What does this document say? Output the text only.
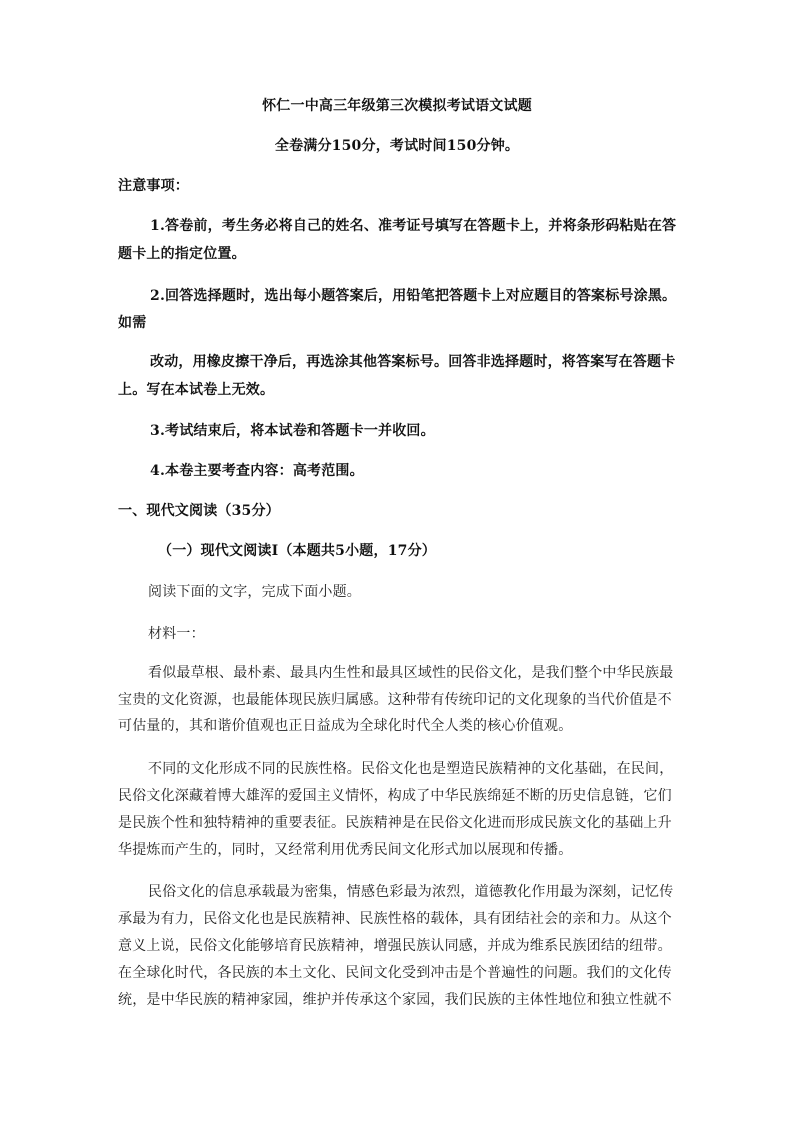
怀仁一中高三年级第三次模拟考试语文试题
全卷满分150分，考试时间150分钟。
注意事项：
1.答卷前，考生务必将自己的姓名、准考证号填写在答题卡上，并将条形码粘贴在答
题卡上的指定位置。
2.回答选择题时，选出每小题答案后，用铅笔把答题卡上对应题目的答案标号涂黑。
如需
改动，用橡皮擦干净后，再选涂其他答案标号。回答非选择题时，将答案写在答题卡
上。写在本试卷上无效。
3.考试结束后，将本试卷和答题卡一并收回。
4.本卷主要考查内容：高考范围。
一、现代文阅读（35分）
（一）现代文阅读Ⅰ（本题共5小题，17分）
阅读下面的文字，完成下面小题。
材料一：
看似最草根、最朴素、最具内生性和最具区域性的民俗文化，是我们整个中华民族最
宝贵的文化资源，也最能体现民族归属感。这种带有传统印记的文化现象的当代价值是不
可估量的，其和谐价值观也正日益成为全球化时代全人类的核心价值观。
不同的文化形成不同的民族性格。民俗文化也是塑造民族精神的文化基础，在民间，
民俗文化深藏着博大雄浑的爱国主义情怀，构成了中华民族绵延不断的历史信息链，它们
是民族个性和独特精神的重要表征。民族精神是在民俗文化进而形成民族文化的基础上升
华提炼而产生的，同时，又经常利用优秀民间文化形式加以展现和传播。
民俗文化的信息承载最为密集，情感色彩最为浓烈，道德教化作用最为深刻，记忆传
承最为有力，民俗文化也是民族精神、民族性格的载体，具有团结社会的亲和力。从这个
意义上说，民俗文化能够培育民族精神，增强民族认同感，并成为维系民族团结的纽带。
在全球化时代，各民族的本土文化、民间文化受到冲击是个普遍性的问题。我们的文化传
统，是中华民族的精神家园，维护并传承这个家园，我们民族的主体性地位和独立性就不
